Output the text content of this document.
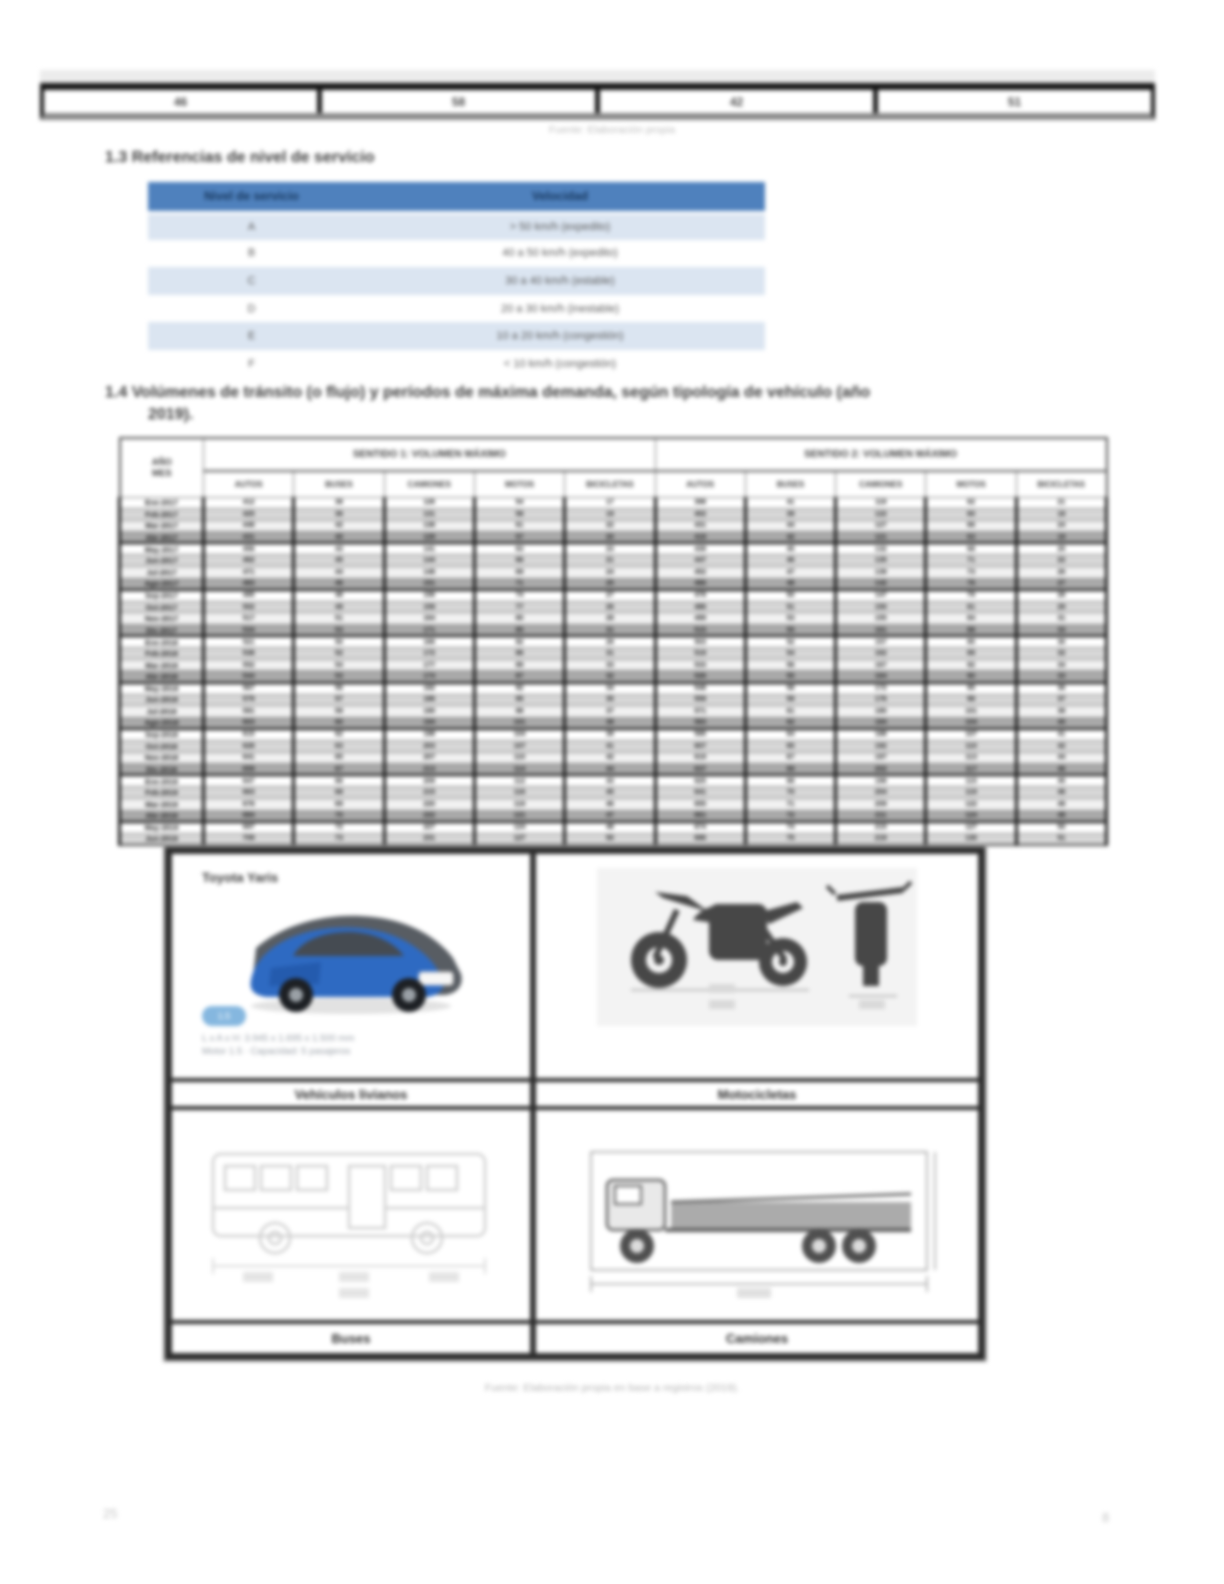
46	58	42	51
Fuente: Elaboración propia
1.3 Referencias de nivel de servicio
Nivel de servicio	Velocidad
A	> 50 km/h (expedito)
B	40 a 50 km/h (expedito)
C	30 a 40 km/h (estable)
D	20 a 30 km/h (inestable)
E	10 a 20 km/h (congestión)
F	< 10 km/h (congestión)
1.4 Volúmenes de tránsito (o flujo) y períodos de máxima demanda, según tipología de vehículo (año
2019).
AÑO
MES	SENTIDO 1: VOLUMEN MÁXIMO					SENTIDO 2: VOLUMEN MÁXIMO				
	AUTOS	BUSES	CAMIONES	MOTOS	BICICLETAS	AUTOS	BUSES	CAMIONES	MOTOS	BICICLETAS
Ene-2017	412	38	126	54	17	398	41	119	62	21
Feb-2017	425	36	131	58	19	402	39	122	60	18
Mar-2017	448	42	138	61	22	431	44	127	66	24
Abr-2017	431	40	129	57	20	418	42	121	63	19
May-2017	456	43	141	63	23	439	45	132	68	25
Jun-2017	462	45	144	66	21	447	46	135	71	22
Jul-2017	471	44	148	69	24	452	47	139	73	26
Ago-2017	483	46	151	71	25	466	48	142	76	27
Sep-2017	495	48	156	74	27	478	50	147	79	28
Oct-2017	502	49	159	77	26	486	51	150	81	29
Nov-2017	517	51	164	80	28	499	53	155	84	31
Dic-2017	534	53	171	85	31	515	55	161	88	33
Ene-2018	521	50	166	82	29	503	52	157	85	30
Feb-2018	538	52	172	86	31	519	54	162	89	32
Mar-2018	552	54	177	89	33	533	56	167	92	34
Abr-2018	544	53	174	87	32	526	55	164	90	33
May-2018	567	56	182	92	34	548	58	172	95	36
Jun-2018	579	57	186	95	35	559	59	176	98	37
Jul-2018	591	59	190	98	37	571	61	180	101	38
Ago-2018	603	60	194	101	38	583	62	184	104	40
Sep-2018	615	62	198	104	39	595	64	188	107	41
Oct-2018	628	63	203	107	41	607	65	192	110	42
Nov-2018	641	65	207	110	42	619	67	197	113	44
Dic-2018	659	67	213	114	44	637	69	202	117	46
Ene-2019	647	66	209	112	43	625	68	199	115	45
Feb-2019	663	68	215	116	45	641	70	204	119	46
Mar-2019	678	69	220	119	46	655	71	209	122	48
Abr-2019	684	70	222	121	47	661	72	211	124	48
May-2019	697	72	227	124	48	674	74	215	127	50
Jun-2019	709	73	231	127	50	686	75	219	130	51
Toyota Yaris
1.5
L x A x H: 3.945 x 1.695 x 1.500 mm
Motor 1.5 · Capacidad: 5 pasajeros
Vehículos livianos	Motocicletas
Buses	Camiones
Fuente: Elaboración propia en base a registros (2019).
25	8
